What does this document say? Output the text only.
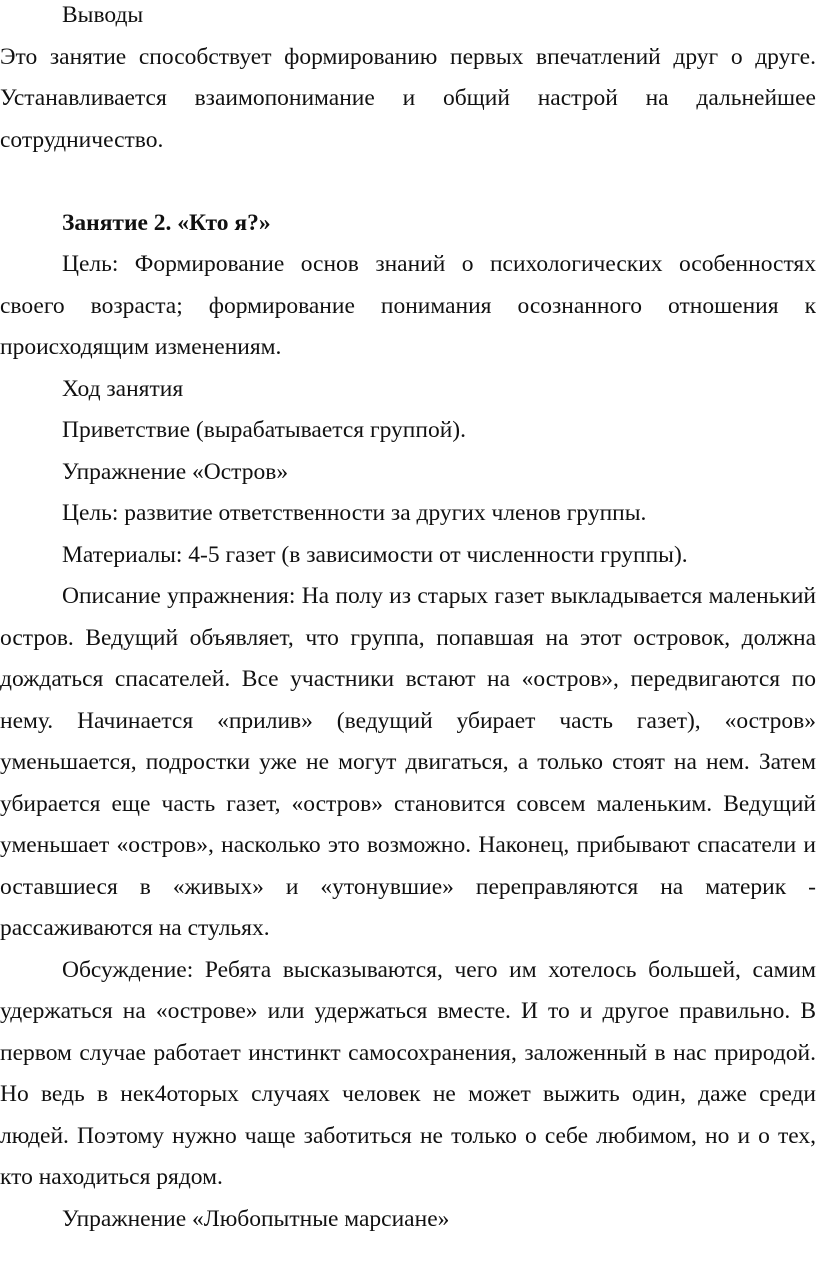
Выводы

Это занятие способствует формированию первых впечатлений друг о друге. Устанавливается взаимопонимание и общий настрой на дальнейшее сотрудничество.

Занятие 2. «Кто я?»

Цель: Формирование основ знаний о психологических особенностях своего возраста; формирование понимания осознанного отношения к происходящим изменениям.

Ход занятия

Приветствие (вырабатывается группой).

Упражнение «Остров»

Цель: развитие ответственности за других членов группы.

Материалы: 4-5 газет (в зависимости от численности группы).

Описание упражнения: На полу из старых газет выкладывается маленький остров. Ведущий объявляет, что группа, попавшая на этот островок, должна дождаться спасателей. Все участники встают на «остров», передвигаются по нему. Начинается «прилив» (ведущий убирает часть газет), «остров» уменьшается, подростки уже не могут двигаться, а только стоят на нем. Затем убирается еще часть газет, «остров» становится совсем маленьким. Ведущий уменьшает «остров», насколько это возможно. Наконец, прибывают спасатели и оставшиеся в «живых» и «утонувшие» переправляются на материк - рассаживаются на стульях.

Обсуждение: Ребята высказываются, чего им хотелось большей, самим удержаться на «острове» или удержаться вместе. И то и другое правильно. В первом случае работает инстинкт самосохранения, заложенный в нас природой. Но ведь в нек4оторых случаях человек не может выжить один, даже среди людей. Поэтому нужно чаще заботиться не только о себе любимом, но и о тех, кто находиться рядом.

Упражнение «Любопытные марсиане»
